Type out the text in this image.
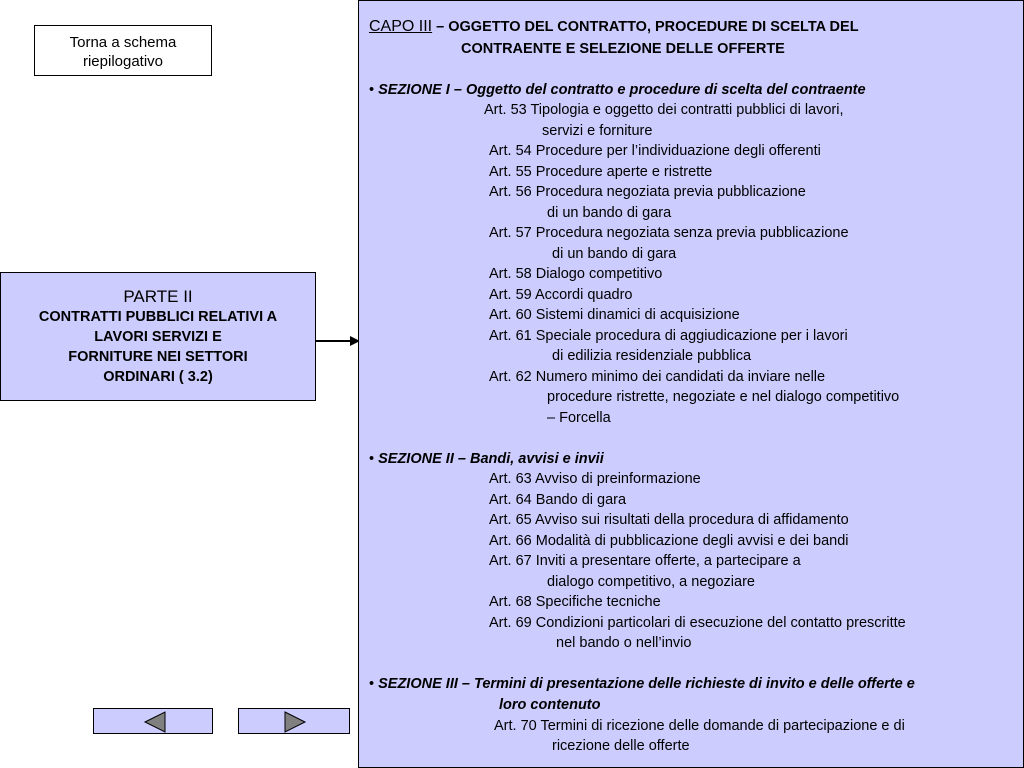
Torna a schema
riepilogativo
PARTE II
CONTRATTI PUBBLICI RELATIVI A
LAVORI SERVIZI E
FORNITURE NEI SETTORI
ORDINARI ( 3.2)
CAPO III – OGGETTO DEL CONTRATTO, PROCEDURE DI SCELTA DEL
CONTRAENTE E SELEZIONE DELLE OFFERTE
• SEZIONE I – Oggetto del contratto e procedure di scelta del contraente
Art. 53 Tipologia e oggetto dei contratti pubblici di lavori,
servizi e forniture
Art. 54 Procedure per l’individuazione degli offerenti
Art. 55 Procedure aperte e ristrette
Art. 56 Procedura negoziata previa pubblicazione
di un bando di gara
Art. 57 Procedura negoziata senza previa pubblicazione
di un bando di gara
Art. 58 Dialogo competitivo
Art. 59 Accordi quadro
Art. 60 Sistemi dinamici di acquisizione
Art. 61 Speciale procedura di aggiudicazione per i lavori
di edilizia residenziale pubblica
Art. 62 Numero minimo dei candidati da inviare nelle
procedure ristrette, negoziate e nel dialogo competitivo
– Forcella
• SEZIONE II – Bandi, avvisi e invii
Art. 63 Avviso di preinformazione
Art. 64 Bando di gara
Art. 65 Avviso sui risultati della procedura di affidamento
Art. 66 Modalità di pubblicazione degli avvisi e dei bandi
Art. 67 Inviti a presentare offerte, a partecipare a
dialogo competitivo, a negoziare
Art. 68 Specifiche tecniche
Art. 69 Condizioni particolari di esecuzione del contatto prescritte
nel bando o nell’invio
• SEZIONE III – Termini di presentazione delle richieste di invito e delle offerte e
loro contenuto
Art. 70 Termini di ricezione delle domande di partecipazione e di
ricezione delle offerte
